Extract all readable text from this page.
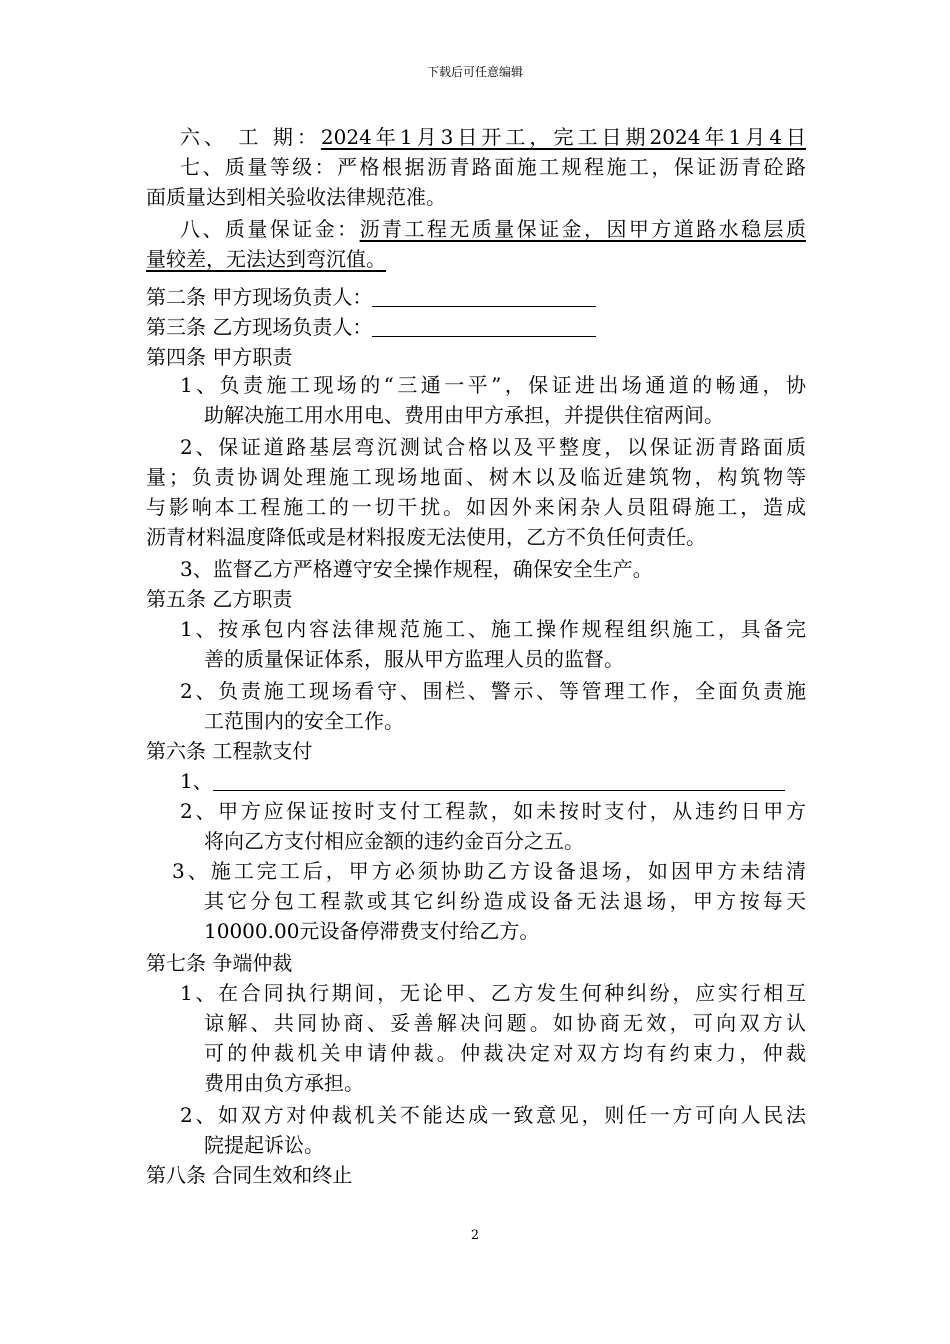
下载后可任意编辑
六、 工 期：2024年1月3日开工，完工日期2024年1月4日
七、质量等级：严格根据沥青路面施工规程施工，保证沥青砼路
面质量达到相关验收法律规范准。
八、质量保证金：沥青工程无质量保证金，因甲方道路水稳层质
量较差，无法达到弯沉值。
第二条 甲方现场负责人：
第三条 乙方现场负责人：
第四条 甲方职责
1、负责施工现场的“三通一平”，保证进出场通道的畅通，协
助解决施工用水用电、费用由甲方承担，并提供住宿两间。
2、保证道路基层弯沉测试合格以及平整度，以保证沥青路面质
量；负责协调处理施工现场地面、树木以及临近建筑物，构筑物等
与影响本工程施工的一切干扰。如因外来闲杂人员阻碍施工，造成
沥青材料温度降低或是材料报废无法使用，乙方不负任何责任。
3、监督乙方严格遵守安全操作规程，确保安全生产。
第五条 乙方职责
1、按承包内容法律规范施工、施工操作规程组织施工，具备完
善的质量保证体系，服从甲方监理人员的监督。
2、负责施工现场看守、围栏、警示、等管理工作，全面负责施
工范围内的安全工作。
第六条 工程款支付
1、
2、甲方应保证按时支付工程款，如未按时支付，从违约日甲方
将向乙方支付相应金额的违约金百分之五。
3、施工完工后，甲方必须协助乙方设备退场，如因甲方未结清
其它分包工程款或其它纠纷造成设备无法退场，甲方按每天
10000.00元设备停滞费支付给乙方。
第七条 争端仲裁
1、在合同执行期间，无论甲、乙方发生何种纠纷，应实行相互
谅解、共同协商、妥善解决问题。如协商无效，可向双方认
可的仲裁机关申请仲裁。仲裁决定对双方均有约束力，仲裁
费用由负方承担。
2、如双方对仲裁机关不能达成一致意见，则任一方可向人民法
院提起诉讼。
第八条 合同生效和终止
2
